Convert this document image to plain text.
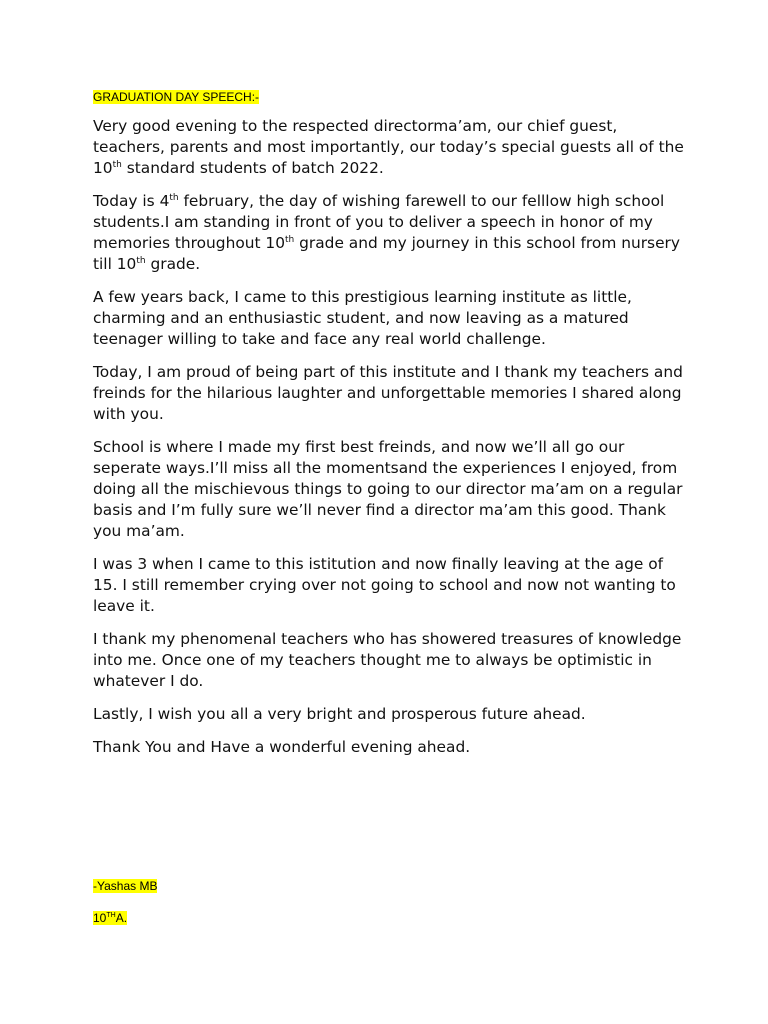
GRADUATION DAY SPEECH:-

Very good evening to the respected directorma’am, our chief guest, teachers, parents and most importantly, our today’s special guests all of the 10th standard students of batch 2022.

Today is 4th february, the day of wishing farewell to our felllow high school students.I am standing in front of you to deliver a speech in honor of my memories throughout 10th grade and my journey in this school from nursery till 10th grade.

A few years back, I came to this prestigious learning institute as little, charming and an enthusiastic student, and now leaving as a matured teenager willing to take and face any real world challenge.

Today, I am proud of being part of this institute and I thank my teachers and freinds for the hilarious laughter and unforgettable memories I shared along with you.

School is where I made my first best freinds, and now we’ll all go our seperate ways.I’ll miss all the momentsand the experiences I enjoyed, from doing all the mischievous things to going to our director ma’am on a regular basis and I’m fully sure we’ll never find a director ma’am this good. Thank you ma’am.

I was 3 when I came to this istitution and now finally leaving at the age of 15. I still remember crying over not going to school and now not wanting to leave it.

I thank my phenomenal teachers who has showered treasures of knowledge into me. Once one of my teachers thought me to always be optimistic in whatever I do.

Lastly, I wish you all a very bright and prosperous future ahead.

Thank You and Have a wonderful evening ahead.

-Yashas MB
10THA.
